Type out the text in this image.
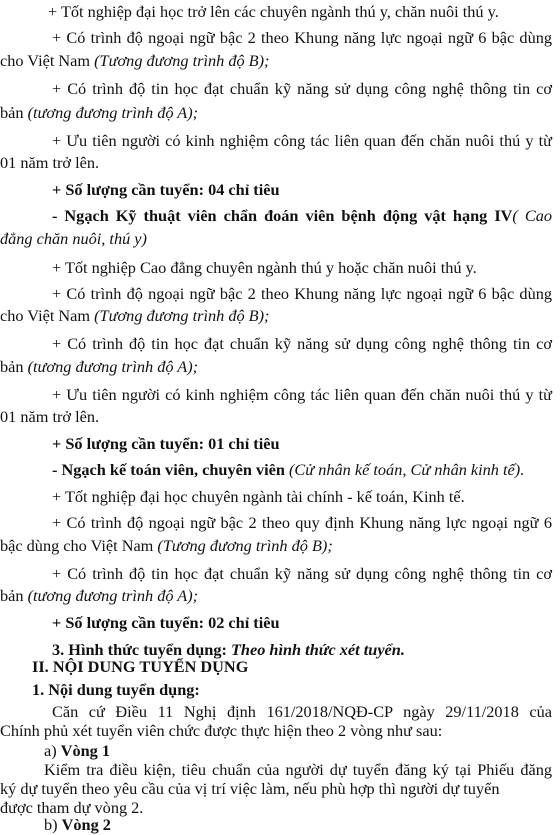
+ Tốt nghiệp đại học trở lên các chuyên ngành thú y, chăn nuôi thú y.
+ Có trình độ ngoại ngữ bậc 2 theo Khung năng lực ngoại ngữ 6 bậc dùng
cho Việt Nam (Tương đương trình độ B);
+ Có trình độ tin học đạt chuẩn kỹ năng sử dụng công nghệ thông tin cơ
bản (tương đương trình độ A);
+ Ưu tiên người có kinh nghiệm công tác liên quan đến chăn nuôi thú y từ
01 năm trở lên.
+ Số lượng cần tuyển: 04 chỉ tiêu
- Ngạch Kỹ thuật viên chẩn đoán viên bệnh động vật hạng IV( Cao
đẳng chăn nuôi, thú y)
+ Tốt nghiệp Cao đẳng chuyên ngành thú y hoặc chăn nuôi thú y.
+ Có trình độ ngoại ngữ bậc 2 theo Khung năng lực ngoại ngữ 6 bậc dùng
cho Việt Nam (Tương đương trình độ B);
+ Có trình độ tin học đạt chuẩn kỹ năng sử dụng công nghệ thông tin cơ
bản (tương đương trình độ A);
+ Ưu tiên người có kinh nghiệm công tác liên quan đến chăn nuôi thú y từ
01 năm trở lên.
+ Số lượng cần tuyển: 01 chỉ tiêu
- Ngạch kế toán viên, chuyên viên (Cử nhân kế toán, Cử nhân kinh tế).
+ Tốt nghiệp đại học chuyên ngành tài chính - kế toán, Kinh tế.
+ Có trình độ ngoại ngữ bậc 2 theo quy định Khung năng lực ngoại ngữ 6
bậc dùng cho Việt Nam (Tương đương trình độ B);
+ Có trình độ tin học đạt chuẩn kỹ năng sử dụng công nghệ thông tin cơ
bản (tương đương trình độ A);
+ Số lượng cần tuyển: 02 chỉ tiêu
3. Hình thức tuyển dụng: Theo hình thức xét tuyển.
II. NỘI DUNG TUYỂN DỤNG
1. Nội dung tuyển dụng:
Căn cứ Điều 11 Nghị định 161/2018/NQĐ-CP ngày 29/11/2018 của
Chính phủ xét tuyển viên chức được thực hiện theo 2 vòng như sau:
a) Vòng 1
Kiểm tra điều kiện, tiêu chuẩn của người dự tuyển đăng ký tại Phiếu đăng
ký dự tuyển theo yêu cầu của vị trí việc làm, nếu phù hợp thì người dự tuyển
được tham dự vòng 2.
b) Vòng 2
